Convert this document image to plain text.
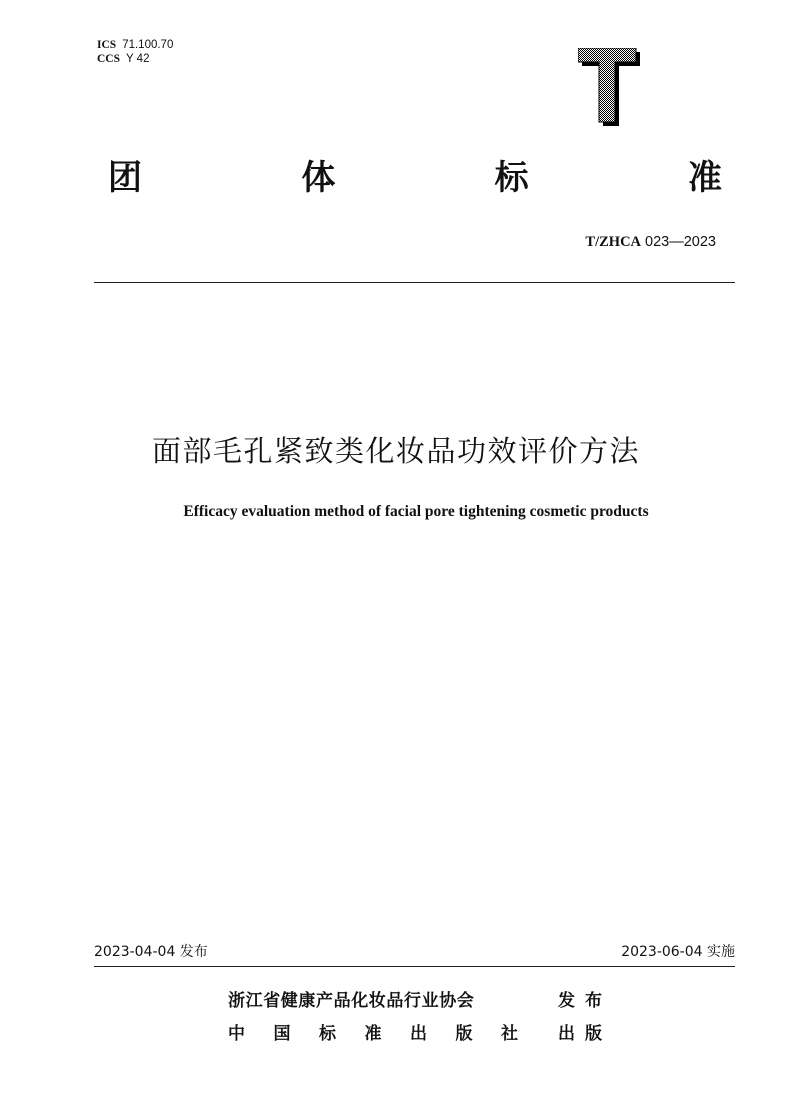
ICS 71.100.70
CCS Y 42
团	体	标	准
T/ZHCA 023—2023
面部毛孔紧致类化妆品功效评价方法
Efficacy evaluation method of facial pore tightening cosmetic products
2023-04-04 发布	2023-06-04 实施
浙江省健康产品化妆品行业协会	发布
中 国 标 准 出 版 社 出版
